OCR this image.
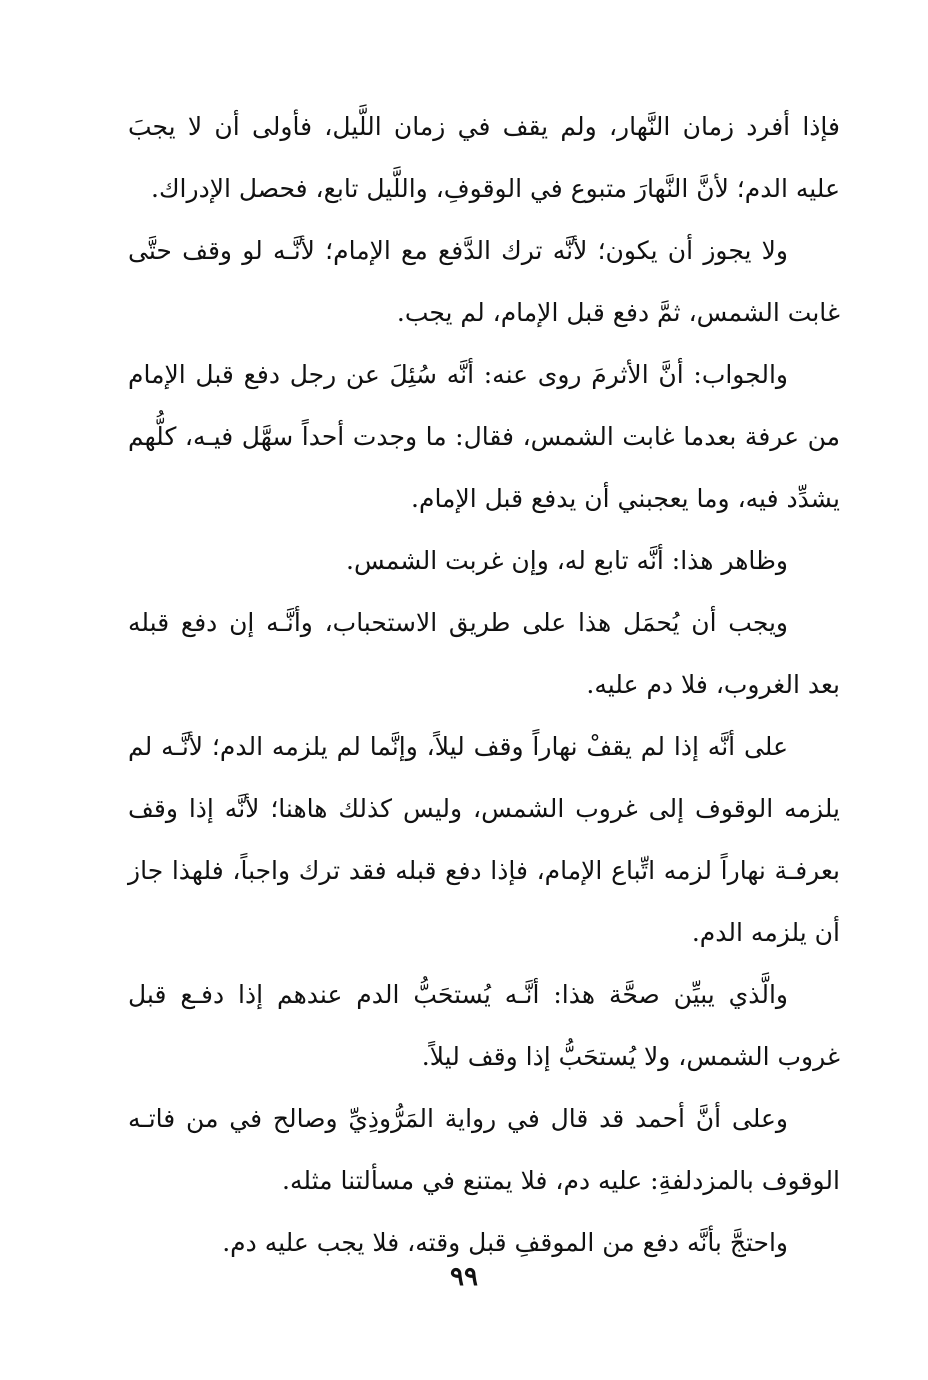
فإذا أفرد زمان النَّهار، ولم يقف في زمان اللَّيل، فأولى أن لا يجبَ عليه الدم؛ لأنَّ النَّهارَ متبوع في الوقوفِ، واللَّيل تابع، فحصل الإدراك.

ولا يجوز أن يكون؛ لأنَّه ترك الدَّفع مع الإمام؛ لأنَّـه لو وقف حتَّى غابت الشمس، ثمَّ دفع قبل الإمام، لم يجب.

والجواب: أنَّ الأثرمَ روى عنه: أنَّه سُئِلَ عن رجل دفع قبل الإمام من عرفة بعدما غابت الشمس، فقال: ما وجدت أحداً سهَّل فيـه، كلُّهم يشدِّد فيه، وما يعجبني أن يدفع قبل الإمام.

وظاهر هذا: أنَّه تابع له، وإن غربت الشمس.

ويجب أن يُحمَل هذا على طريق الاستحباب، وأنَّـه إن دفع قبله بعد الغروب، فلا دم عليه.

على أنَّه إذا لم يقفْ نهاراً وقف ليلاً، وإنَّما لم يلزمه الدم؛ لأنَّـه لم يلزمه الوقوف إلى غروب الشمس، وليس كذلك هاهنا؛ لأنَّه إذا وقف بعرفـة نهاراً لزمه اتِّباع الإمام، فإذا دفع قبله فقد ترك واجباً، فلهذا جاز أن يلزمه الدم.

والَّذي يبيِّن صحَّة هذا: أنَّـه يُستحَبُّ الدم عندهم إذا دفـع قبل غروب الشمس، ولا يُستحَبُّ إذا وقف ليلاً.

وعلى أنَّ أحمد قد قال في رواية المَرُّوذِيِّ وصالح في من فاتـه الوقوف بالمزدلفةِ: عليه دم، فلا يمتنع في مسألتنا مثله.

واحتجَّ بأنَّه دفع من الموقفِ قبل وقته، فلا يجب عليه دم.

٩٩
